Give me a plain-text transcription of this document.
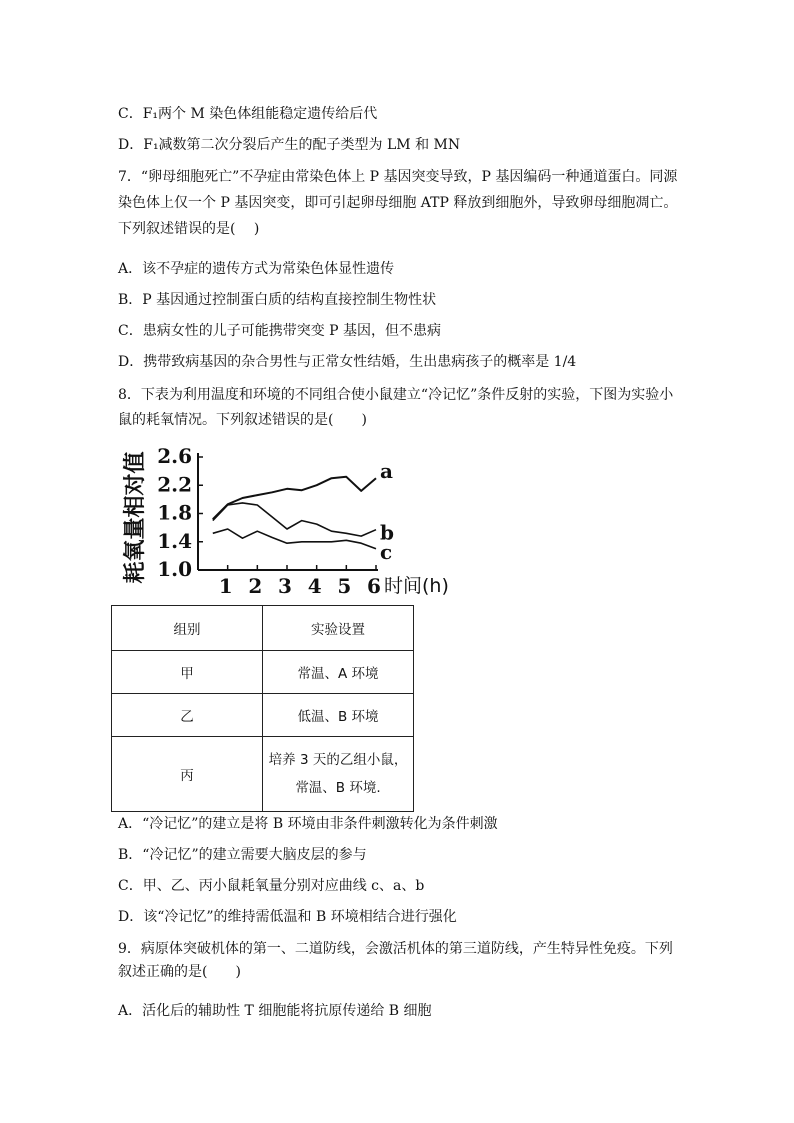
C．F₁两个 M 染色体组能稳定遗传给后代
D．F₁减数第二次分裂后产生的配子类型为 LM 和 MN
7．“卵母细胞死亡”不孕症由常染色体上 P 基因突变导致，P 基因编码一种通道蛋白。同源
染色体上仅一个 P 基因突变，即可引起卵母细胞 ATP 释放到细胞外，导致卵母细胞凋亡。
下列叙述错误的是(　 )
A．该不孕症的遗传方式为常染色体显性遗传
B．P 基因通过控制蛋白质的结构直接控制生物性状
C．患病女性的儿子可能携带突变 P 基因，但不患病
D．携带致病基因的杂合男性与正常女性结婚，生出患病孩子的概率是 1/4
8．下表为利用温度和环境的不同组合使小鼠建立“冷记忆”条件反射的实验，下图为实验小
鼠的耗氧情况。下列叙述错误的是(　　)
1.0
1.4
1.8
2.2
2.6
1 2 3 4 5 6 时间(h)
耗氧量相对值	a
b
c
组别	实验设置
甲	常温、A 环境
乙	低温、B 环境
丙	培养 3 天的乙组小鼠，
常温、B 环境.
A．“冷记忆”的建立是将 B 环境由非条件刺激转化为条件刺激
B．“冷记忆”的建立需要大脑皮层的参与
C．甲、乙、丙小鼠耗氧量分别对应曲线 c、a、b
D．该“冷记忆”的维持需低温和 B 环境相结合进行强化
9．病原体突破机体的第一、二道防线，会激活机体的第三道防线，产生特异性免疫。下列
叙述正确的是(　　)
A．活化后的辅助性 T 细胞能将抗原传递给 B 细胞
